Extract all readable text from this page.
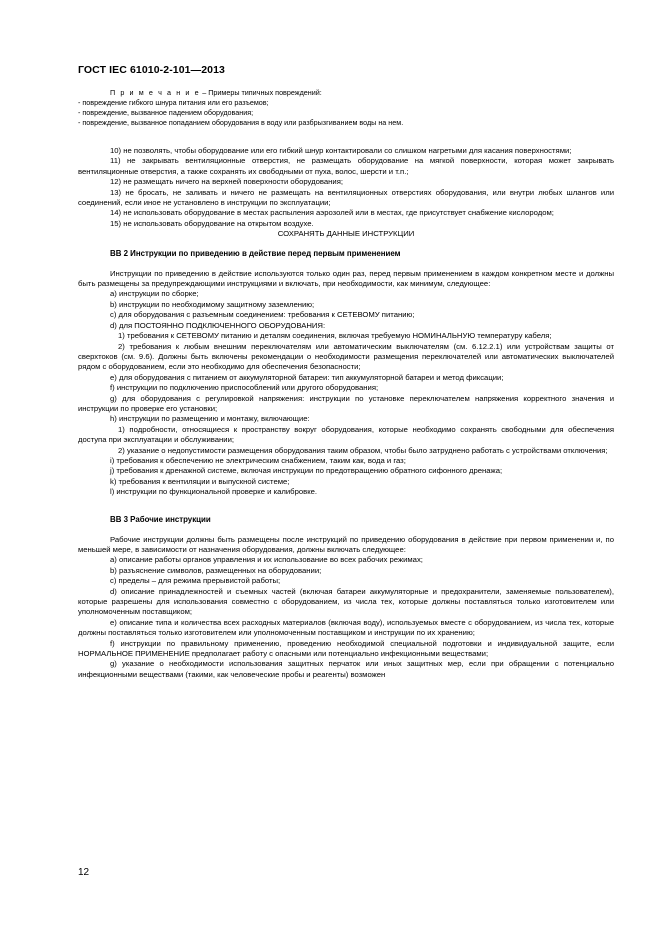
ГОСТ IEC 61010-2-101—2013
П р и м е ч а н и е – Примеры типичных повреждений:
- повреждение гибкого шнура питания или его разъемов;
- повреждение, вызванное падением оборудования;
- повреждение, вызванное попаданием оборудования в воду или разбрызгиванием воды на нем.
10) не позволять, чтобы оборудование или его гибкий шнур контактировали со слишком нагретыми для касания поверхностями;
11) не закрывать вентиляционные отверстия, не размещать оборудование на мягкой поверхности, которая может закрывать вентиляционные отверстия, а также сохранять их свободными от пуха, волос, шерсти и т.п.;
12) не размещать ничего на верхней поверхности оборудования;
13) не бросать, не заливать и ничего не размещать на вентиляционных отверстиях оборудования, или внутри любых шлангов или соединений, если иное не установлено в инструкции по эксплуатации;
14) не использовать оборудование в местах распыления аэрозолей или в местах, где присутствует снабжение кислородом;
15) не использовать оборудование на открытом воздухе.
СОХРАНЯТЬ ДАННЫЕ ИНСТРУКЦИИ
ВВ 2 Инструкции по приведению в действие перед первым применением
Инструкции по приведению в действие используются только один раз, перед первым применением в каждом конкретном месте и должны быть размещены за предупреждающими инструкциями и включать, при необходимости, как минимум, следующее:
а) инструкции по сборке;
b) инструкции по необходимому защитному заземлению;
c) для оборудования с разъемным соединением: требования к СЕТЕВОМУ питанию;
d) для ПОСТОЯННО ПОДКЛЮЧЕННОГО ОБОРУДОВАНИЯ:
1) требования к СЕТЕВОМУ питанию и деталям соединения, включая требуемую НОМИНАЛЬНУЮ температуру кабеля;
2) требования к любым внешним переключателям или автоматическим выключателям (см. 6.12.2.1) или устройствам защиты от сверхтоков (см. 9.6). Должны быть включены рекомендации о необходимости размещения переключателей или автоматических выключателей рядом с оборудованием, если это необходимо для обеспечения безопасности;
е) для оборудования с питанием от аккумуляторной батареи: тип аккумуляторной батареи и метод фиксации;
f) инструкции по подключению приспособлений или другого оборудования;
g) для оборудования с регулировкой напряжения: инструкции по установке переключателем напряжения корректного значения и инструкции по проверке его установки;
h) инструкции по размещению и монтажу, включающие:
1) подробности, относящиеся к пространству вокруг оборудования, которые необходимо сохранять свободными для обеспечения доступа при эксплуатации и обслуживании;
2) указание о недопустимости размещения оборудования таким образом, чтобы было затруднено работать с устройствами отключения;
i) требования к обеспечению не электрическим снабжением, таким как, вода и газ;
j) требования к дренажной системе, включая инструкции по предотвращению обратного сифонного дренажа;
k) требования к вентиляции и выпускной системе;
l) инструкции по функциональной проверке и калибровке.
ВВ 3 Рабочие инструкции
Рабочие инструкции должны быть размещены после инструкций по приведению оборудования в действие при первом применении и, по меньшей мере, в зависимости от назначения оборудования, должны включать следующее:
а) описание работы органов управления и их использование во всех рабочих режимах;
b) разъяснение символов, размещенных на оборудовании;
c) пределы – для режима прерывистой работы;
d) описание принадлежностей и съемных частей (включая батареи аккумуляторные и предохранители, заменяемые пользователем), которые разрешены для использования совместно с оборудованием, из числа тех, которые должны поставляться только изготовителем или уполномоченным поставщиком;
е) описание типа и количества всех расходных материалов (включая воду), используемых вместе с оборудованием, из числа тех, которые должны поставляться только изготовителем или уполномоченным поставщиком и инструкции по их хранению;
f) инструкции по правильному применению, проведению необходимой специальной подготовки и индивидуальной защите, если НОРМАЛЬНОЕ ПРИМЕНЕНИЕ предполагает работу с опасными или потенциально инфекционными веществами;
g) указание о необходимости использования защитных перчаток или иных защитных мер, если при обращении с потенциально инфекционными веществами (такими, как человеческие пробы и реагенты) возможен
12
